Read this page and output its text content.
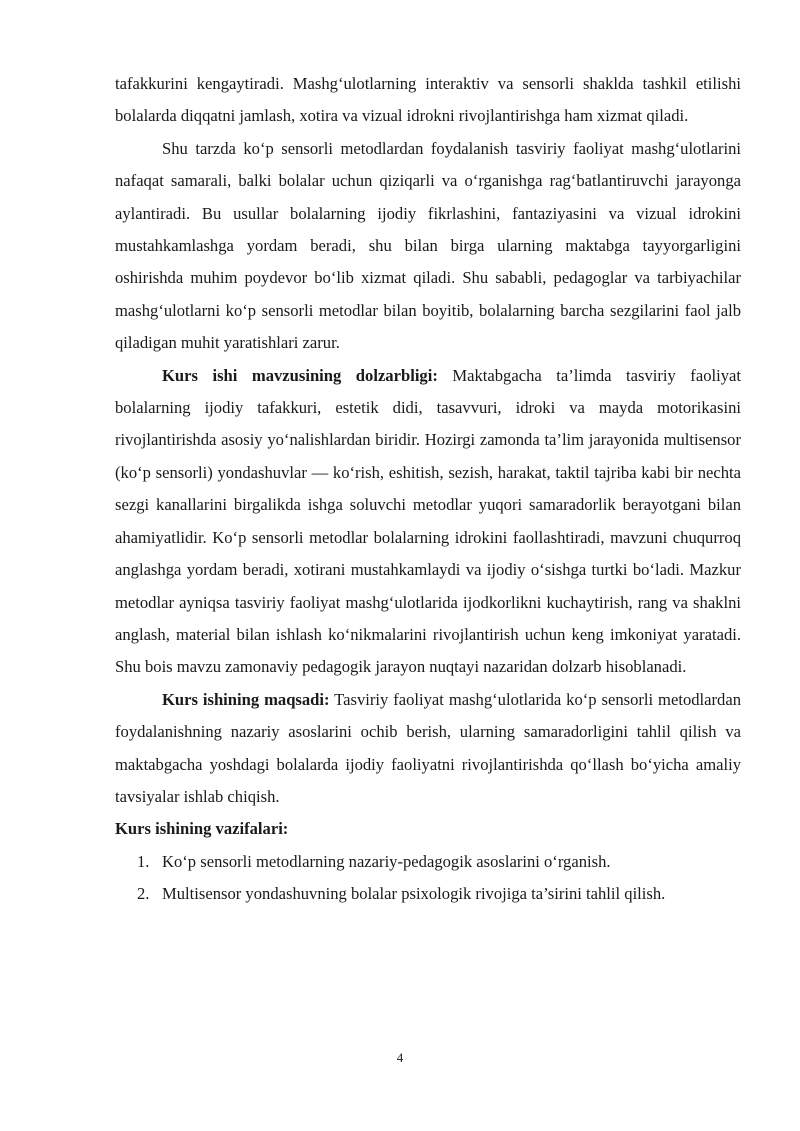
tafakkurini kengaytiradi. Mashg‘ulotlarning interaktiv va sensorli shaklda tashkil etilishi bolalarda diqqatni jamlash, xotira va vizual idrokni rivojlantirishga ham xizmat qiladi.

Shu tarzda ko‘p sensorli metodlardan foydalanish tasviriy faoliyat mashg‘ulotlarini nafaqat samarali, balki bolalar uchun qiziqarli va o‘rganishga rag‘batlantiruvchi jarayonga aylantiradi. Bu usullar bolalarning ijodiy fikrlashini, fantaziyasini va vizual idrokini mustahkamlashga yordam beradi, shu bilan birga ularning maktabga tayyorgarligini oshirishda muhim poydevor bo‘lib xizmat qiladi. Shu sababli, pedagoglar va tarbiyachilar mashg‘ulotlarni ko‘p sensorli metodlar bilan boyitib, bolalarning barcha sezgilarini faol jalb qiladigan muhit yaratishlari zarur.

Kurs ishi mavzusining dolzarbligi: Maktabgacha ta’limda tasviriy faoliyat bolalarning ijodiy tafakkuri, estetik didi, tasavvuri, idroki va mayda motorikasini rivojlantirishda asosiy yo‘nalishlardan biridir. Hozirgi zamonda ta’lim jarayonida multisensor (ko‘p sensorli) yondashuvlar — ko‘rish, eshitish, sezish, harakat, taktil tajriba kabi bir nechta sezgi kanallarini birgalikda ishga soluvchi metodlar yuqori samaradorlik berayotgani bilan ahamiyatlidir. Ko‘p sensorli metodlar bolalarning idrokini faollashtiradi, mavzuni chuqurroq anglashga yordam beradi, xotirani mustahkamlaydi va ijodiy o‘sishga turtki bo‘ladi. Mazkur metodlar ayniqsa tasviriy faoliyat mashg‘ulotlarida ijodkorlikni kuchaytirish, rang va shaklni anglash, material bilan ishlash ko‘nikmalarini rivojlantirish uchun keng imkoniyat yaratadi. Shu bois mavzu zamonaviy pedagogik jarayon nuqtayi nazaridan dolzarb hisoblanadi.

Kurs ishining maqsadi: Tasviriy faoliyat mashg‘ulotlarida ko‘p sensorli metodlardan foydalanishning nazariy asoslarini ochib berish, ularning samaradorligini tahlil qilish va maktabgacha yoshdagi bolalarda ijodiy faoliyatni rivojlantirishda qo‘llash bo‘yicha amaliy tavsiyalar ishlab chiqish.

Kurs ishining vazifalari:

1. Ko‘p sensorli metodlarning nazariy-pedagogik asoslarini o‘rganish.
2. Multisensor yondashuvning bolalar psixologik rivojiga ta’sirini tahlil qilish.
4
